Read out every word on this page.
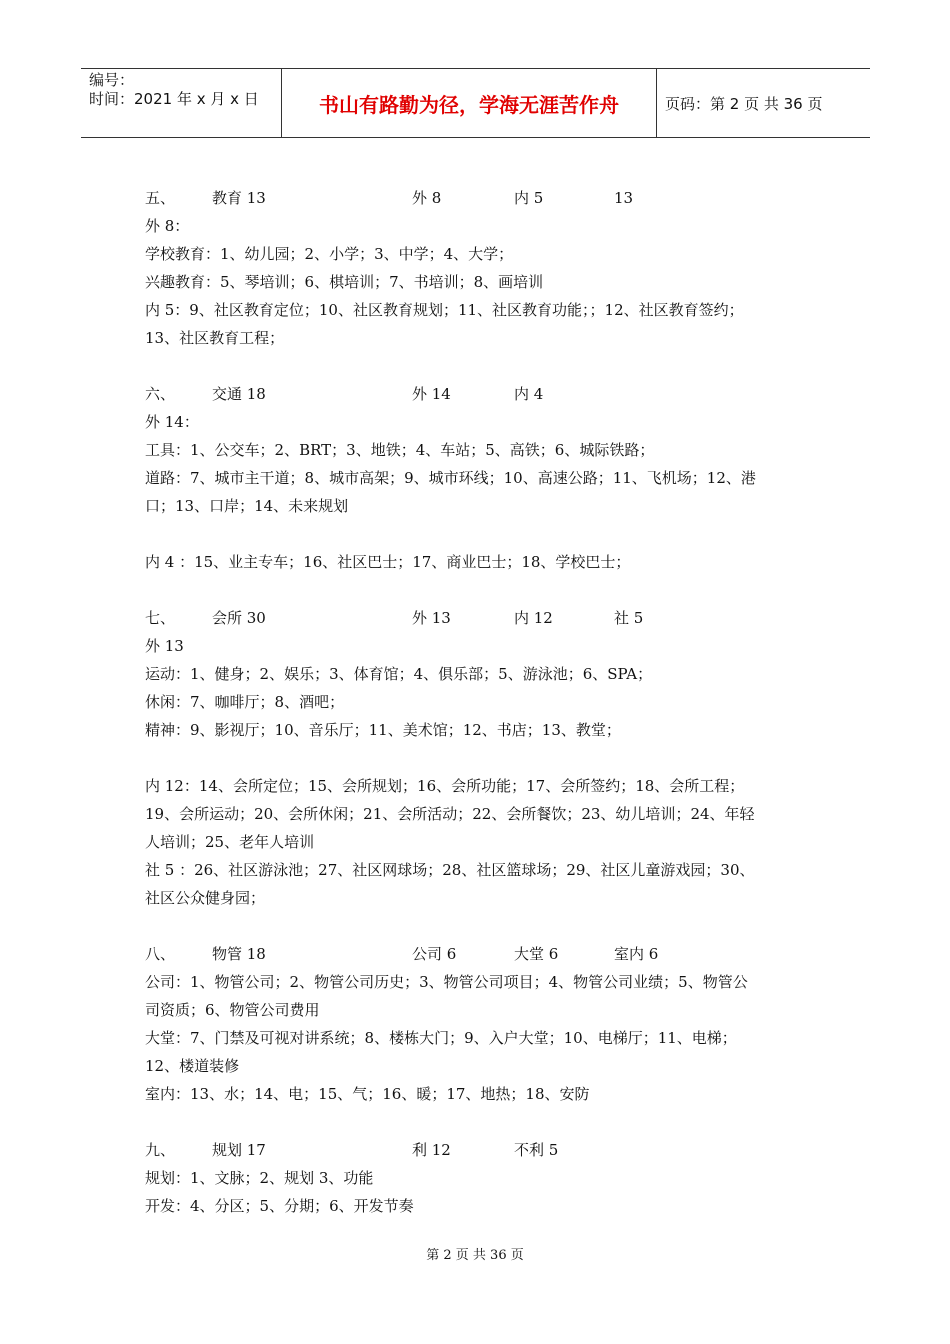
编号：
时间：2021 年 x 月 x 日	书山有路勤为径，学海无涯苦作舟	页码：第 2 页 共 36 页
五、 教育 13	外 8	内 5	13
外 8：
学校教育：1、幼儿园；2、小学；3、中学；4、大学；
兴趣教育：5、琴培训；6、棋培训；7、书培训；8、画培训
内 5：9、社区教育定位；10、社区教育规划；11、社区教育功能；；12、社区教育签约；
13、社区教育工程；
六、 交通 18	外 14	内 4
外 14：
工具：1、公交车；2、BRT；3、地铁；4、车站；5、高铁；6、城际铁路；
道路：7、城市主干道；8、城市高架；9、城市环线；10、高速公路；11、飞机场；12、港
口；13、口岸；14、未来规划
内 4 ：15、业主专车；16、社区巴士；17、商业巴士；18、学校巴士；
七、 会所 30	外 13	内 12	社 5
外 13
运动：1、健身；2、娱乐；3、体育馆；4、俱乐部；5、游泳池；6、SPA；
休闲：7、咖啡厅；8、酒吧；
精神：9、影视厅；10、音乐厅；11、美术馆；12、书店；13、教堂；
内 12：14、会所定位；15、会所规划；16、会所功能；17、会所签约；18、会所工程；
19、会所运动；20、会所休闲；21、会所活动；22、会所餐饮；23、幼儿培训；24、年轻
人培训；25、老年人培训
社 5 ：26、社区游泳池；27、社区网球场；28、社区篮球场；29、社区儿童游戏园；30、
社区公众健身园；
八、 物管 18	公司 6	大堂 6	室内 6
公司：1、物管公司；2、物管公司历史；3、物管公司项目；4、物管公司业绩；5、物管公
司资质；6、物管公司费用
大堂：7、门禁及可视对讲系统；8、楼栋大门；9、入户大堂；10、电梯厅；11、电梯；
12、楼道装修
室内：13、水；14、电；15、气；16、暖；17、地热；18、安防
九、 规划 17	利 12	不利 5
规划：1、文脉；2、规划 3、功能
开发：4、分区；5、分期；6、开发节奏
第 2 页 共 36 页
